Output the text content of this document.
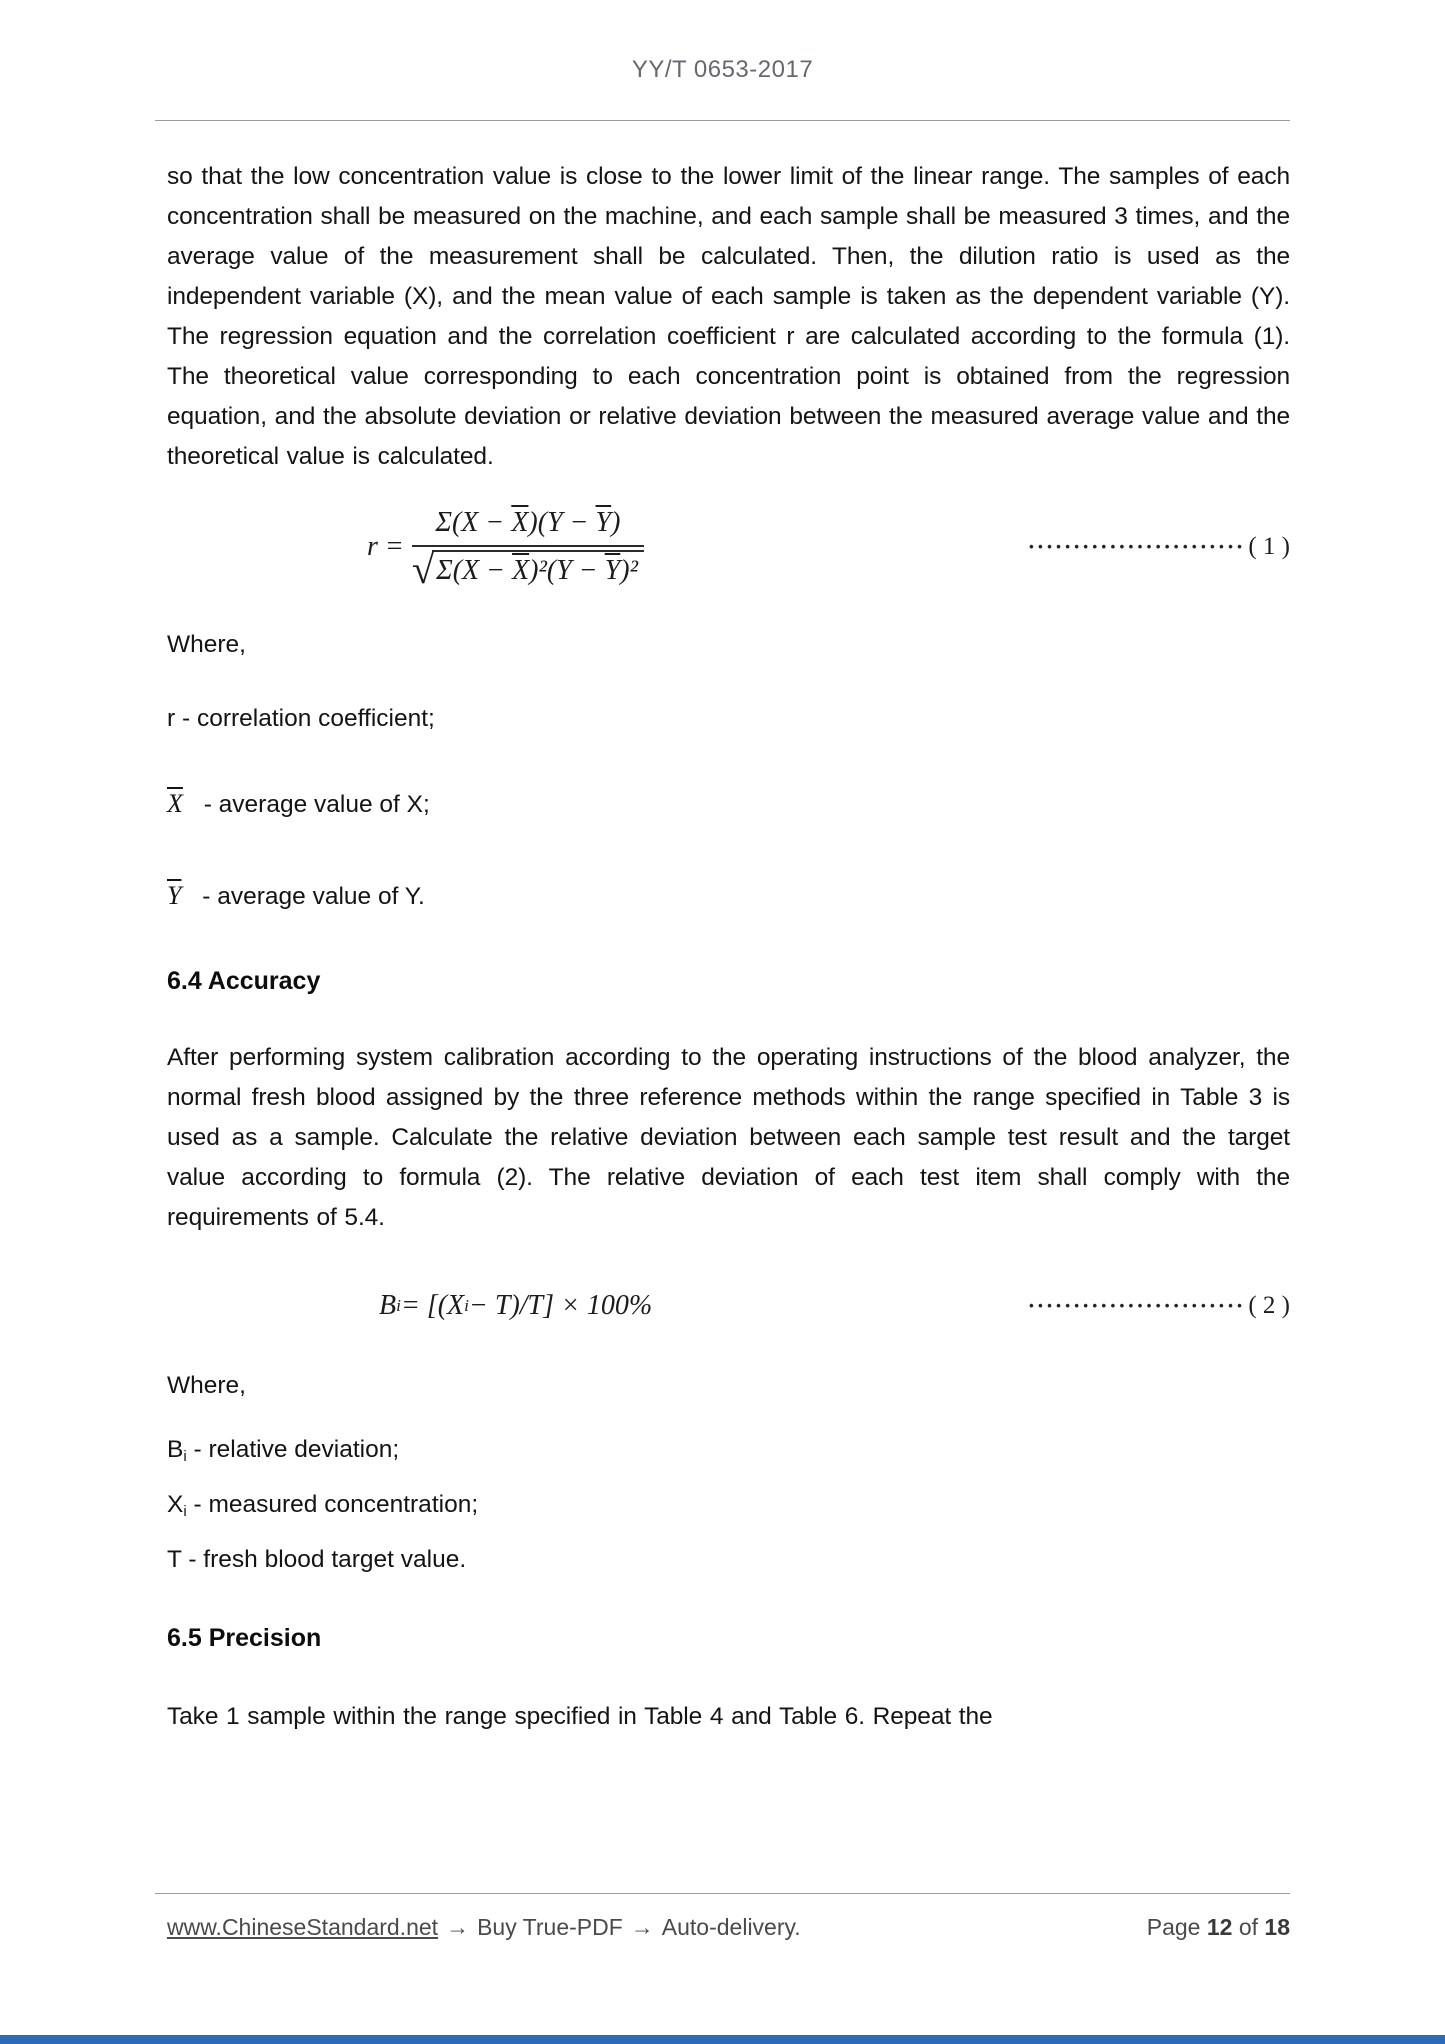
YY/T 0653-2017

so that the low concentration value is close to the lower limit of the linear range. The samples of each concentration shall be measured on the machine, and each sample shall be measured 3 times, and the average value of the measurement shall be calculated. Then, the dilution ratio is used as the independent variable (X), and the mean value of each sample is taken as the dependent variable (Y). The regression equation and the correlation coefficient r are calculated according to the formula (1). The theoretical value corresponding to each concentration point is obtained from the regression equation, and the absolute deviation or relative deviation between the measured average value and the theoretical value is calculated.

r
= $\frac{\Sigma(X - \overline{X})(Y - \overline{Y})}{√ \Sigma(X - \overline{X})^2(Y - \overline{Y})^2}$	•••••••••••••••••••••••• ( 1 )
Where,
r - correlation coefficient;
$\overline{X}$ - average value of X;
$\overline{Y}$ - average value of Y.
6.4 Accuracy

After performing system calibration according to the operating instructions of the blood analyzer, the normal fresh blood assigned by the three reference methods within the range specified in Table 3 is used as a sample. Calculate the relative deviation between each sample test result and the target value according to formula (2). The relative deviation of each test item shall comply with the requirements of 5.4.

B i = [(X i − T)/T] × 100%	•••••••••••••••••••••••• ( 2 )
Where,
$B_i$ - relative deviation;
$X_i$ - measured concentration;
T - fresh blood target value.
6.5 Precision

Take 1 sample within the range specified in Table 4 and Table 6. Repeat the

www.ChineseStandard.net → Buy True-PDF → Auto-delivery.	Page 12 of 18
